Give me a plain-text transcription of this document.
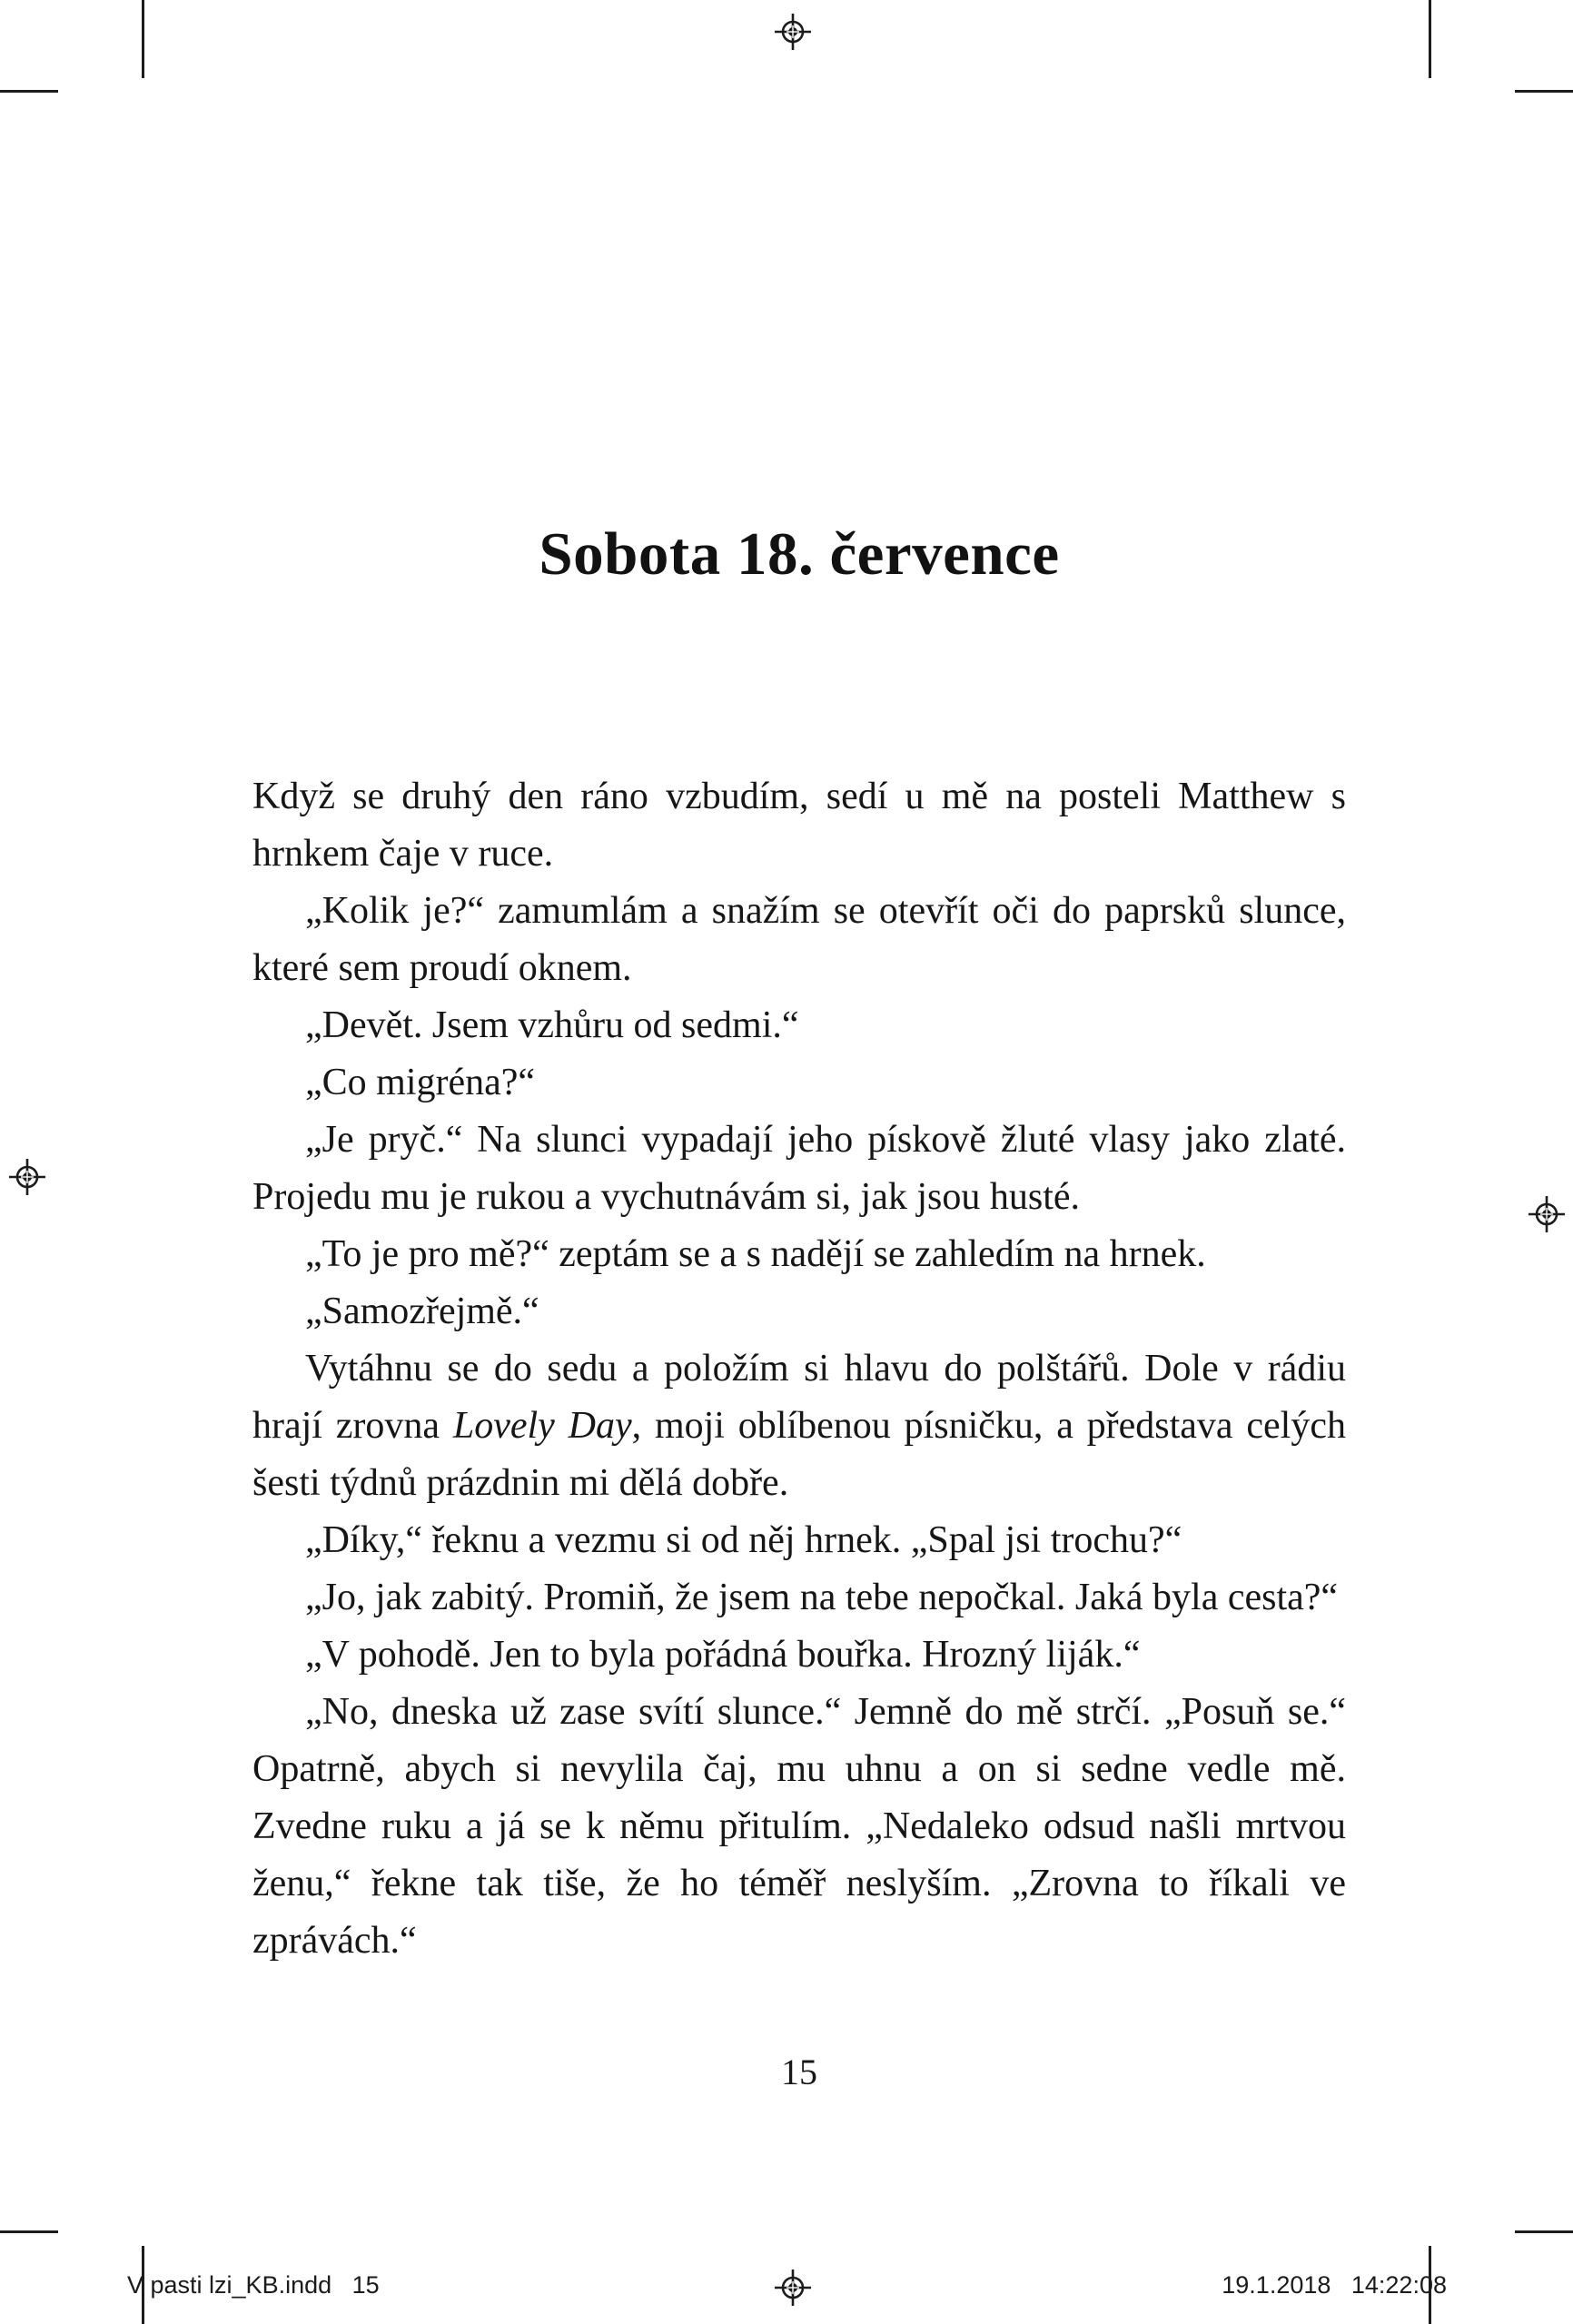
Sobota 18. července

Když se druhý den ráno vzbudím, sedí u mě na posteli Matthew s hrnkem čaje v ruce.

„Kolik je?“ zamumlám a snažím se otevřít oči do paprsků slunce, které sem proudí oknem.

„Devět. Jsem vzhůru od sedmi.“

„Co migréna?“

„Je pryč.“ Na slunci vypadají jeho pískově žluté vlasy jako zlaté. Projedu mu je rukou a vychutnávám si, jak jsou husté.

„To je pro mě?“ zeptám se a s nadějí se zahledím na hrnek.

„Samozřejmě.“

Vytáhnu se do sedu a položím si hlavu do polštářů. Dole v rádiu hrají zrovna Lovely Day, moji oblíbenou písničku, a představa celých šesti týdnů prázdnin mi dělá dobře.

„Díky,“ řeknu a vezmu si od něj hrnek. „Spal jsi trochu?“

„Jo, jak zabitý. Promiň, že jsem na tebe nepočkal. Jaká byla cesta?“

„V pohodě. Jen to byla pořádná bouřka. Hrozný liják.“

„No, dneska už zase svítí slunce.“ Jemně do mě strčí. „Posuň se.“ Opatrně, abych si nevylila čaj, mu uhnu a on si sedne vedle mě. Zvedne ruku a já se k němu přitulím. „Nedaleko odsud našli mrtvou ženu,“ řekne tak tiše, že ho téměř neslyším. „Zrovna to říkali ve zprávách.“

15
V pasti lzi_KB.indd   15	19.1.2018   14:22:08
